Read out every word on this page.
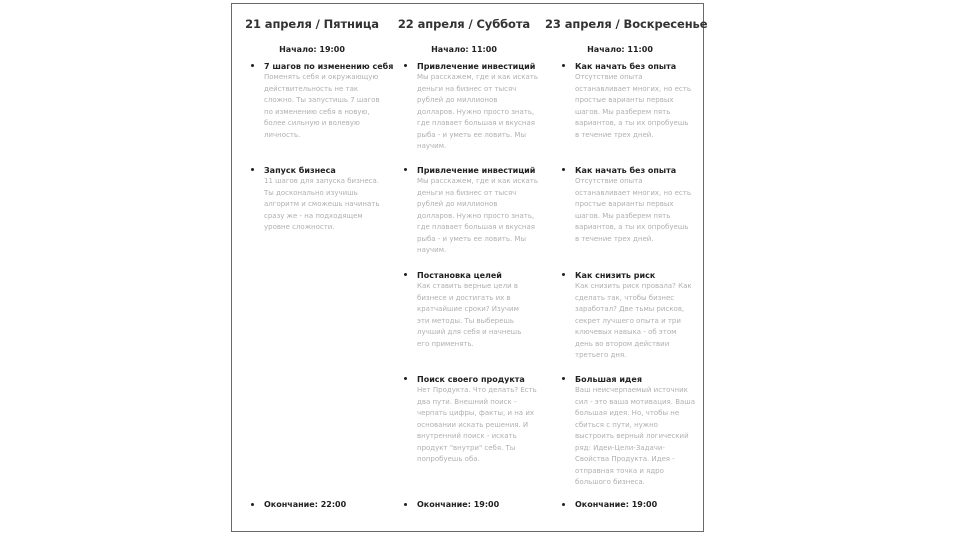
21 апреля / Пятница
Начало: 19:00
7 шагов по изменению себя
Поменять себя и окружающую
действительность не так
сложно. Ты запустишь 7 шагов
по изменению себя в новую,
более сильную и волевую
личность.
Запуск бизнеса
11 шагов для запуска бизнеса.
Ты досконально изучишь
алгоритм и сможешь начинать
сразу же - на подходящем
уровне сложности.
Окончание: 22:00
22 апреля / Суббота
Начало: 11:00
Привлечение инвестиций
Мы расскажем, где и как искать
деньги на бизнес от тысяч
рублей до миллионов
долларов. Нужно просто знать,
где плавает большая и вкусная
рыба - и уметь ее ловить. Мы
научим.
Привлечение инвестиций
Мы расскажем, где и как искать
деньги на бизнес от тысяч
рублей до миллионов
долларов. Нужно просто знать,
где плавает большая и вкусная
рыба - и уметь ее ловить. Мы
научим.
Постановка целей
Как ставить верные цели в
бизнесе и достигать их в
кратчайшие сроки? Изучим
эти методы. Ты выберешь
лучший для себя и начнешь
его применять.
Поиск своего продукта
Нет Продукта. Что делать? Есть
два пути. Внешний поиск -
черпать цифры, факты, и на их
основании искать решения. И
внутренний поиск - искать
продукт "внутри" себя. Ты
попробуешь оба.
Окончание: 19:00
23 апреля / Воскресенье
Начало: 11:00
Как начать без опыта
Отсутствие опыта
останавливает многих, но есть
простые варианты первых
шагов. Мы разберем пять
вариантов, а ты их опробуешь
в течение трех дней.
Как начать без опыта
Отсутствие опыта
останавливает многих, но есть
простые варианты первых
шагов. Мы разберем пять
вариантов, а ты их опробуешь
в течение трех дней.
Как снизить риск
Как снизить риск провала? Как
сделать так, чтобы бизнес
заработал? Две тьмы рисков,
секрет лучшего опыта и три
ключевых навыка - об этом
день во втором действии
третьего дня.
Большая идея
Ваш неисчерпаемый источник
сил - это ваша мотивация. Ваша
большая идея. Но, чтобы не
сбиться с пути, нужно
выстроить верный логический
ряд: Идеи-Цели-Задачи-
Свойства Продукта. Идея -
отправная точка и ядро
большого бизнеса.
Окончание: 19:00
